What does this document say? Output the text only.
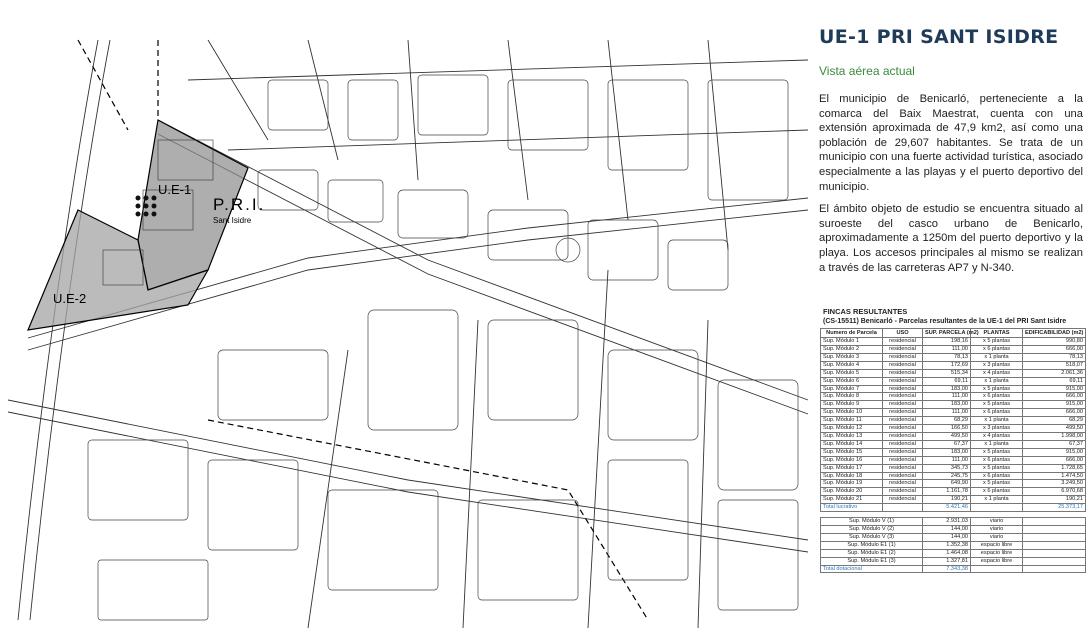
U.E-1
U.E-2
P.R.I.
Sant Isidre
UE-1 PRI SANT ISIDRE
Vista aérea actual
El municipio de Benicarló, perteneciente a la comarca del Baix Maestrat, cuenta con una extensión aproximada de 47,9 km2, así como una población de 29,607 habitantes. Se trata de un municipio con una fuerte actividad turística, asociado especialmente a las playas y el puerto deportivo del municipio.
El ámbito objeto de estudio se encuentra situado al suroeste del casco urbano de Benicarlo, aproximadamente a 1250m del puerto deportivo y la playa. Los accesos principales al mismo se realizan a través de las carreteras AP7 y N-340.
FINCAS RESULTANTES
(CS-15511) Benicarló - Parcelas resultantes de la UE-1 del PRI Sant Isidre
Numero de Parcela	USO	SUP. PARCELA (m2)	PLANTAS	EDIFICABILIDAD (m2)
Sup. Módulo 1	residencial	198,16	x 5 plantas	990,80
Sup. Módulo 2	residencial	111,00	x 6 plantas	666,00
Sup. Módulo 3	residencial	78,13	x 1 planta	78,13
Sup. Módulo 4	residencial	172,69	x 3 plantas	518,07
Sup. Módulo 5	residencial	515,34	x 4 plantas	2.061,36
Sup. Módulo 6	residencial	69,11	x 1 planta	69,11
Sup. Módulo 7	residencial	183,00	x 5 plantas	915,00
Sup. Módulo 8	residencial	111,00	x 6 plantas	666,00
Sup. Módulo 9	residencial	183,00	x 5 plantas	915,00
Sup. Módulo 10	residencial	111,00	x 6 plantas	666,00
Sup. Módulo 11	residencial	68,29	x 1 planta	68,29
Sup. Módulo 12	residencial	166,50	x 3 plantas	499,50
Sup. Módulo 13	residencial	499,50	x 4 plantas	1.998,00
Sup. Módulo 14	residencial	67,37	x 1 planta	67,37
Sup. Módulo 15	residencial	183,00	x 5 plantas	915,00
Sup. Módulo 16	residencial	111,00	x 6 plantas	666,00
Sup. Módulo 17	residencial	345,73	x 5 plantas	1.728,65
Sup. Módulo 18	residencial	245,75	x 6 plantas	1.474,50
Sup. Módulo 19	residencial	649,90	x 5 plantas	3.249,50
Sup. Módulo 20	residencial	1.161,78	x 6 plantas	6.970,68
Sup. Módulo 21	residencial	190,21	x 1 planta	190,21
Total lucrativo		5.421,46		25.373,17

Sup. Módulo V (1)	2.931,03	viario	
Sup. Módulo V (2)	144,00	viario	
Sup. Módulo V (3)	144,00	viario	
Sup. Módulo E1 (1)	1.352,38	espacio libre	
Sup. Módulo E1 (2)	1.464,08	espacio libre	
Sup. Módulo E1 (3)	1.327,81	espacio libre	
Total dotacional	7.343,38		
